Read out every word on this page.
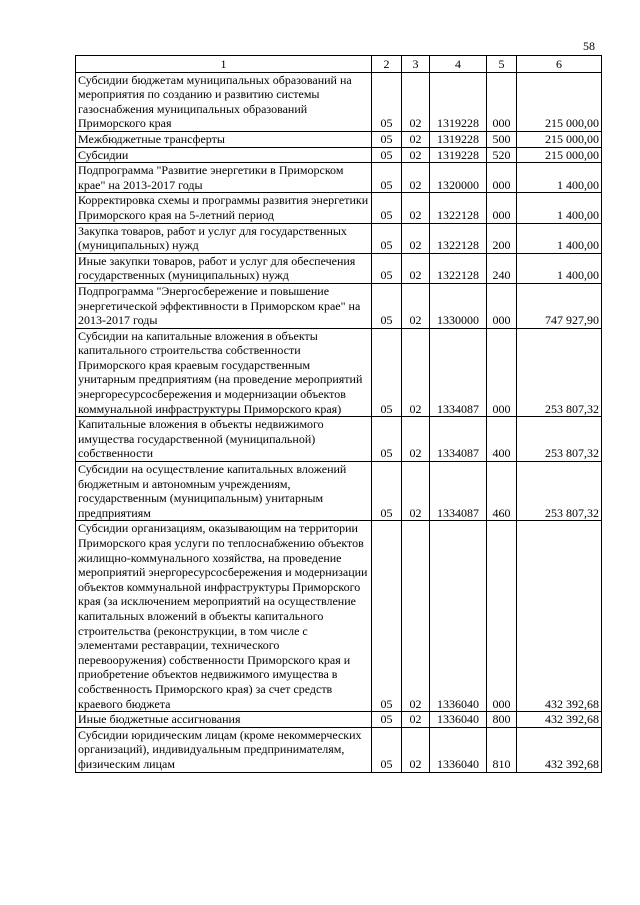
58
1	2	3	4	5	6
Субсидии бюджетам муниципальных образований на мероприятия по созданию и развитию системы газоснабжения муниципальных образований Приморского края	05	02	1319228	000	215 000,00
Межбюджетные трансферты	05	02	1319228	500	215 000,00
Субсидии	05	02	1319228	520	215 000,00
Подпрограмма "Развитие энергетики в Приморском крае" на 2013-2017 годы	05	02	1320000	000	1 400,00
Корректировка схемы и программы развития энергетики Приморского края на 5-летний период	05	02	1322128	000	1 400,00
Закупка товаров, работ и услуг для государственных (муниципальных) нужд	05	02	1322128	200	1 400,00
Иные закупки товаров, работ и услуг для обеспечения государственных (муниципальных) нужд	05	02	1322128	240	1 400,00
Подпрограмма "Энергосбережение и повышение энергетической эффективности в Приморском крае" на 2013-2017 годы	05	02	1330000	000	747 927,90
Субсидии на капитальные вложения в объекты капитального строительства собственности Приморского края краевым государственным унитарным предприятиям (на проведение мероприятий энергоресурсосбережения и модернизации объектов коммунальной инфраструктуры Приморского края)	05	02	1334087	000	253 807,32
Капитальные вложения в объекты недвижимого имущества государственной (муниципальной) собственности	05	02	1334087	400	253 807,32
Субсидии на осуществление капитальных вложений бюджетным и автономным учреждениям, государственным (муниципальным) унитарным предприятиям	05	02	1334087	460	253 807,32
Субсидии организациям, оказывающим на территории Приморского края услуги по теплоснабжению объектов жилищно-коммунального хозяйства, на проведение мероприятий энергоресурсосбережения и модернизации объектов коммунальной инфраструктуры Приморского края (за исключением мероприятий на осуществление капитальных вложений в объекты капитального строительства (реконструкции, в том числе с элементами реставрации, технического перевооружения) собственности Приморского края и приобретение объектов недвижимого имущества в собственность Приморского края) за счет средств краевого бюджета	05	02	1336040	000	432 392,68
Иные бюджетные ассигнования	05	02	1336040	800	432 392,68
Субсидии юридическим лицам (кроме некоммерческих организаций), индивидуальным предпринимателям, физическим лицам	05	02	1336040	810	432 392,68
